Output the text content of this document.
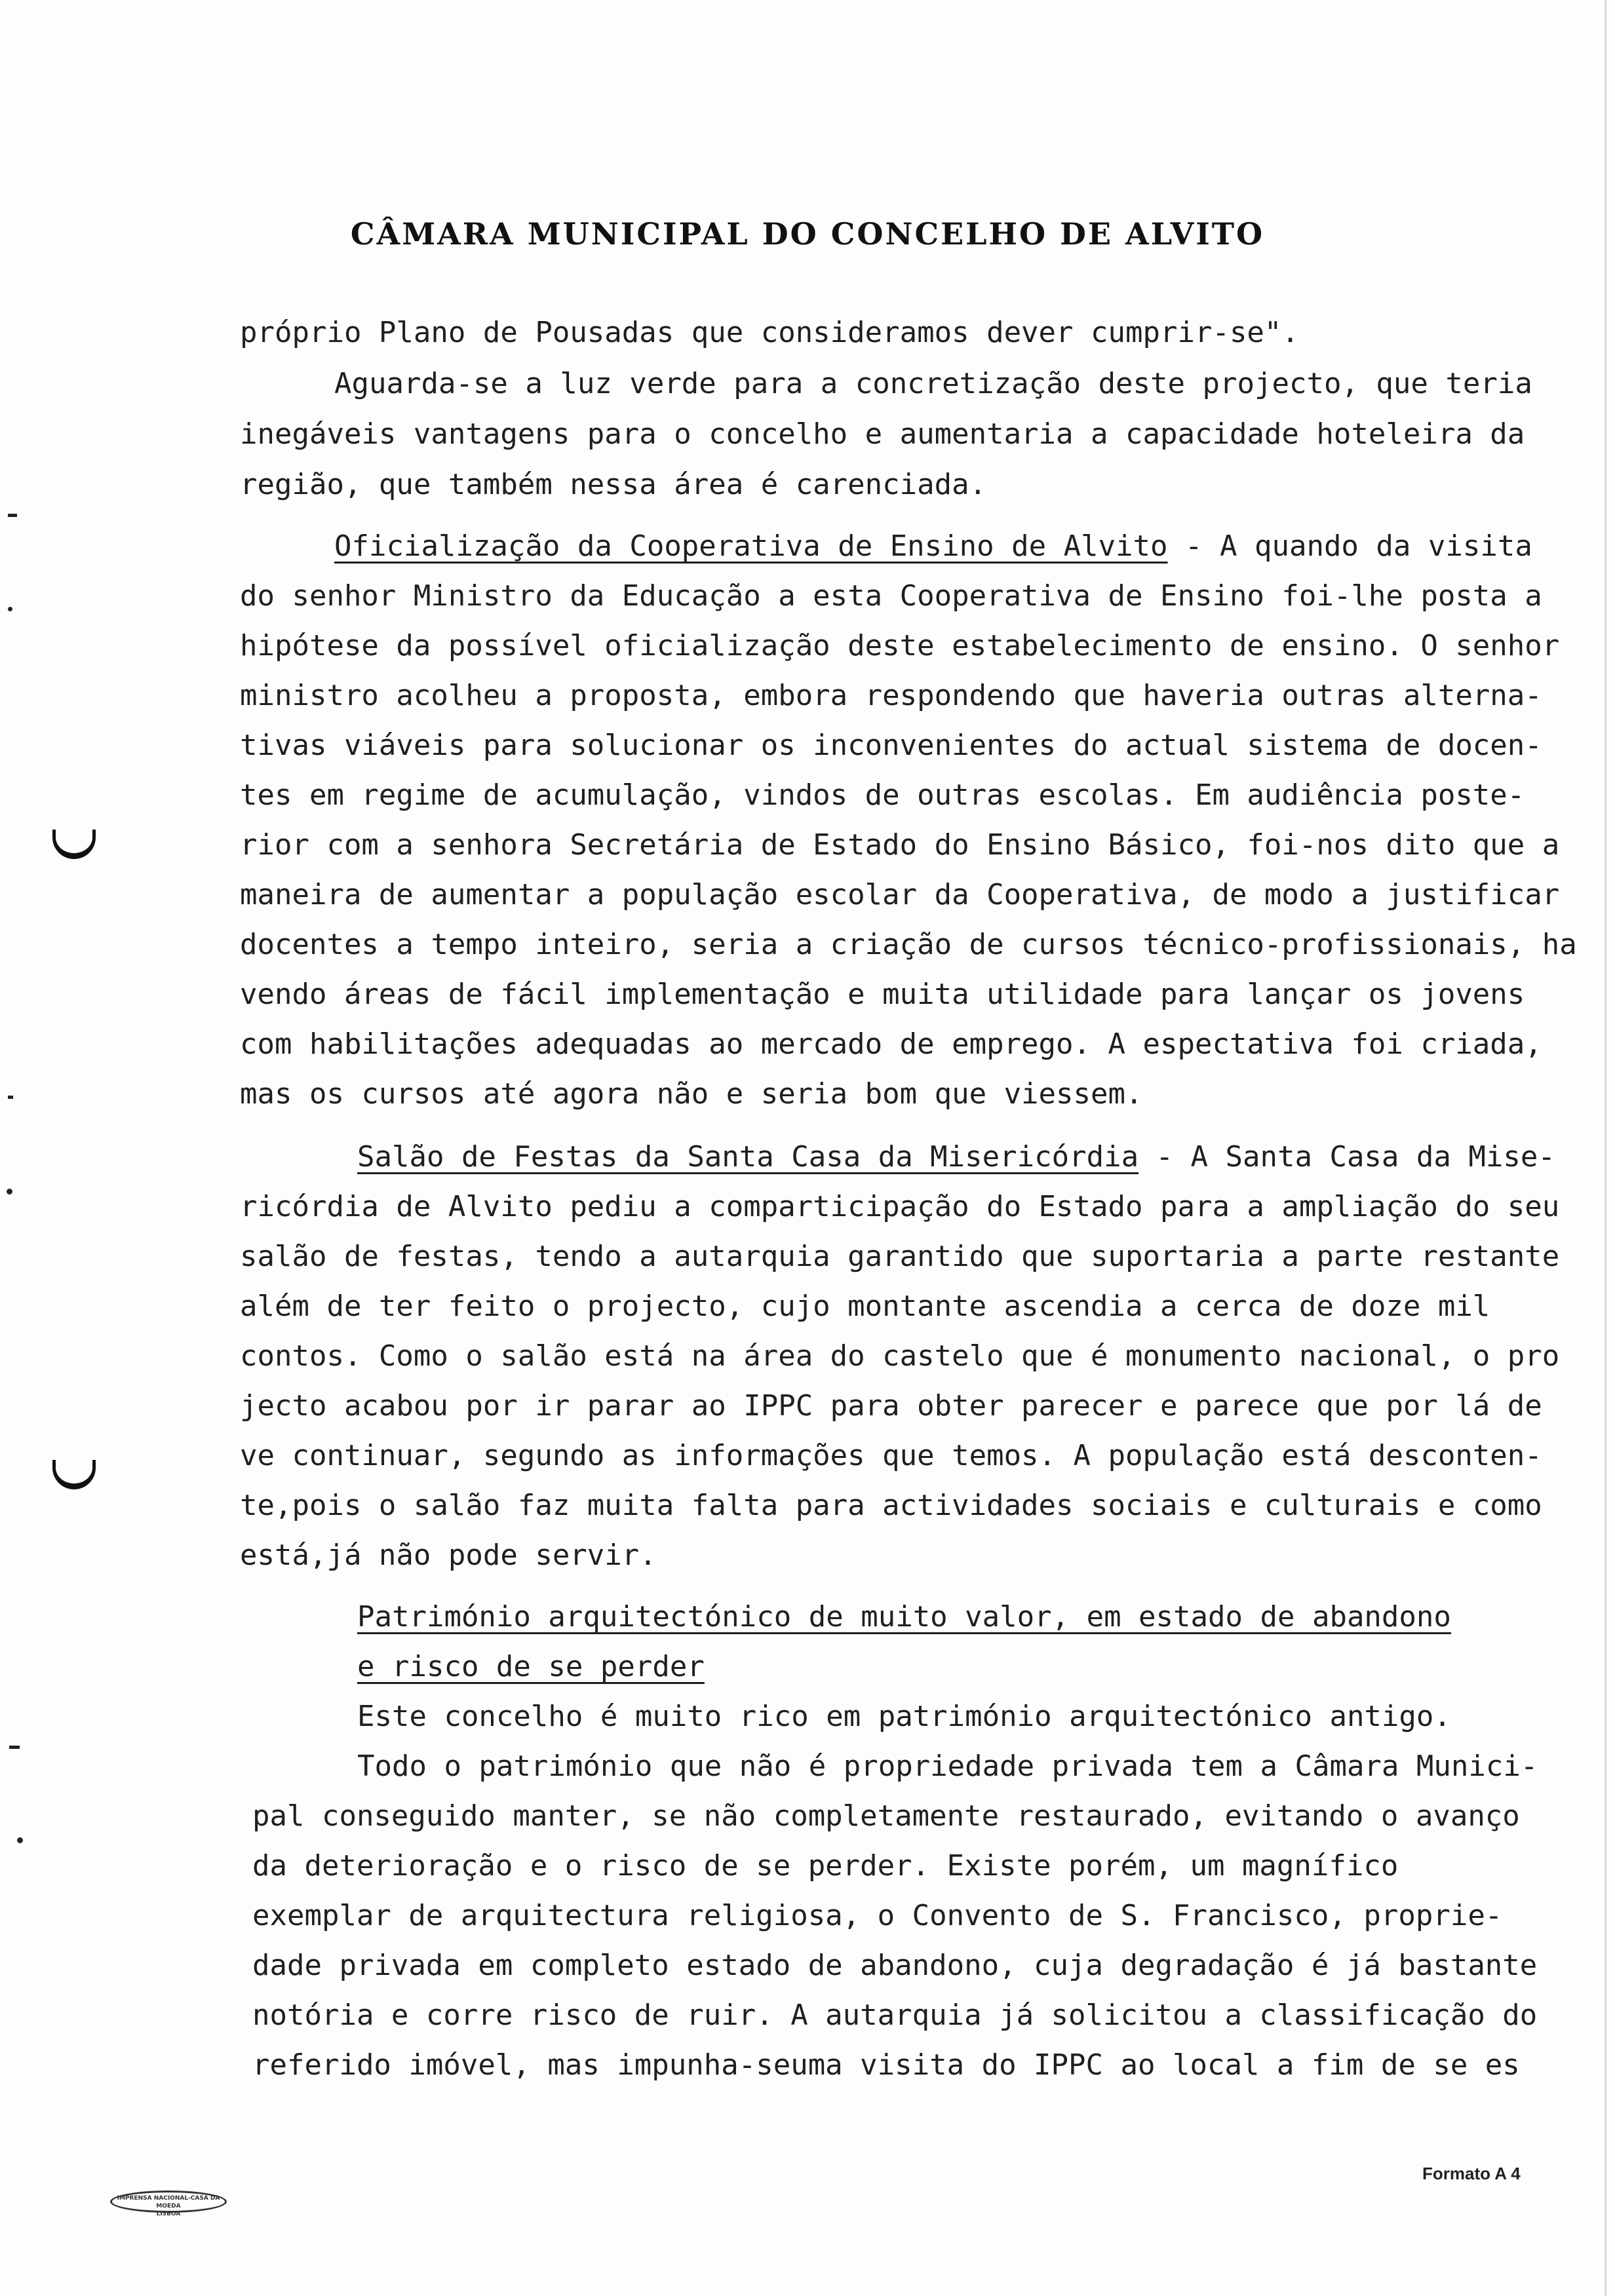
CÂMARA MUNICIPAL DO CONCELHO DE ALVITO
próprio Plano de Pousadas que consideramos dever cumprir-se".
Aguarda-se a luz verde para a concretização deste projecto, que teria
inegáveis vantagens para o concelho e aumentaria a capacidade hoteleira da
região, que também nessa área é carenciada.
Oficialização da Cooperativa de Ensino de Alvito - A quando da visita
do senhor Ministro da Educação a esta Cooperativa de Ensino foi-lhe posta a
hipótese da possível oficialização deste estabelecimento de ensino. O senhor
ministro acolheu a proposta, embora respondendo que haveria outras alterna-
tivas viáveis para solucionar os inconvenientes do actual sistema de docen-
tes em regime de acumulação, vindos de outras escolas. Em audiência poste-
rior com a senhora Secretária de Estado do Ensino Básico, foi-nos dito que a
maneira de aumentar a população escolar da Cooperativa, de modo a justificar
docentes a tempo inteiro, seria a criação de cursos técnico-profissionais, ha
vendo áreas de fácil implementação e muita utilidade para lançar os jovens
com habilitações adequadas ao mercado de emprego. A espectativa foi criada,
mas os cursos até agora não e seria bom que viessem.
Salão de Festas da Santa Casa da Misericórdia - A Santa Casa da Mise-
ricórdia de Alvito pediu a comparticipação do Estado para a ampliação do seu
salão de festas, tendo a autarquia garantido que suportaria a parte restante
além de ter feito o projecto, cujo montante ascendia a cerca de doze mil
contos. Como o salão está na área do castelo que é monumento nacional, o pro
jecto acabou por ir parar ao IPPC para obter parecer e parece que por lá de
ve continuar, segundo as informações que temos. A população está desconten-
te,pois o salão faz muita falta para actividades sociais e culturais e como
está,já não pode servir.
Património arquitectónico de muito valor, em estado de abandono
e risco de se perder
Este concelho é muito rico em património arquitectónico antigo.
Todo o património que não é propriedade privada tem a Câmara Munici-
pal conseguido manter, se não completamente restaurado, evitando o avanço
da deterioração e o risco de se perder. Existe porém, um magnífico
exemplar de arquitectura religiosa, o Convento de S. Francisco, proprie-
dade privada em completo estado de abandono, cuja degradação é já bastante
notória e corre risco de ruir. A autarquia já solicitou a classificação do
referido imóvel, mas impunha-seuma visita do IPPC ao local a fim de se es
IMPRENSA NACIONAL-CASA DA MOEDA
LISBOA
Formato A 4
